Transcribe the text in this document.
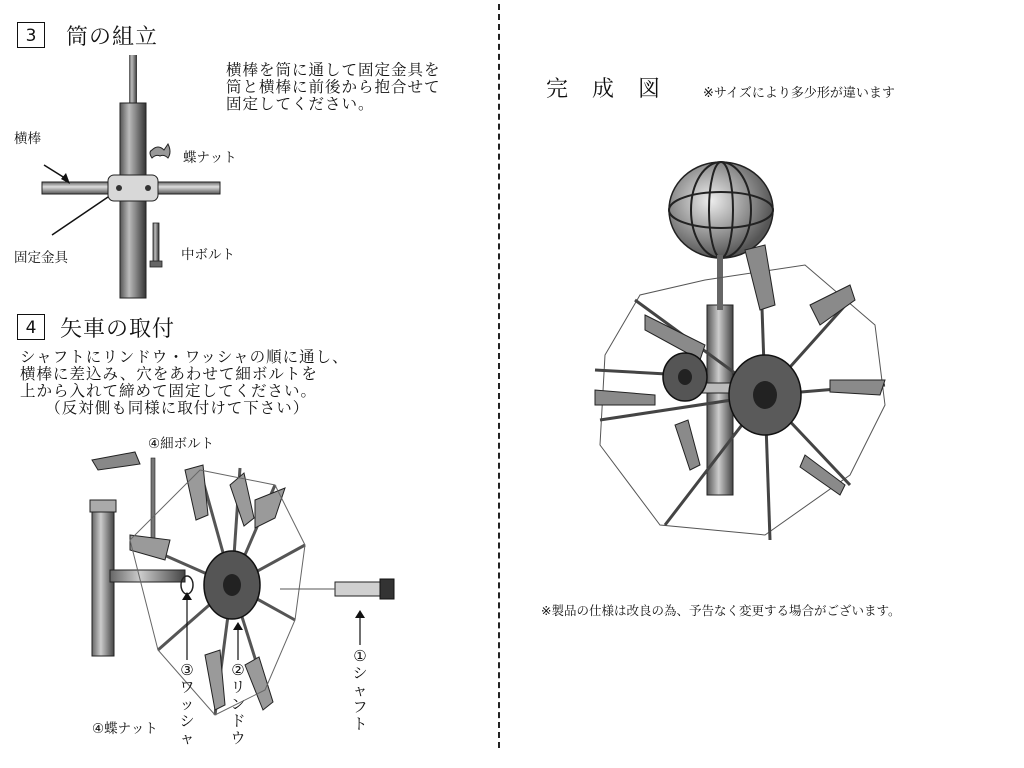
3	筒の組立
横棒を筒に通して固定金具を
筒と横棒に前後から抱合せて
固定してください。
横棒
蝶ナット
固定金具	中ボルト
4	矢車の取付
シャフトにリンドウ・ワッシャの順に通し、
横棒に差込み、穴をあわせて細ボルトを
上から入れて締めて固定してください。
　　（反対側も同様に取付けて下さい）
④細ボルト
④蝶ナット
③ワッシャ
②リンドウ
①シャフト
完　成　図	※サイズにより多少形が違います
※製品の仕様は改良の為、予告なく変更する場合がございます。
